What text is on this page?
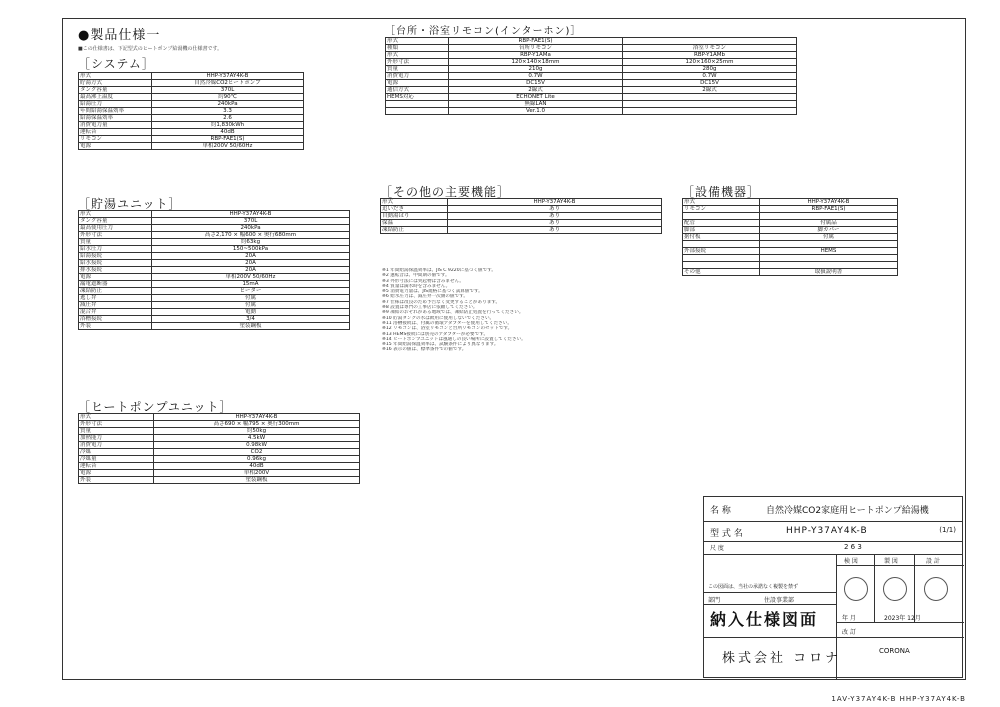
●製品仕様一
■この仕様書は、下記型式のヒートポンプ給湯機の仕様書です。
［システム］
形式	HHP-Y37AY4K-B
貯湯方式	自然冷媒CO2ヒートポンプ
タンク容量	370L
最高沸上温度	約90℃
給湯圧力	240kPa
年間給湯保温効率	3.3
給湯保温効率	2.6
消費電力量	約1,830kWh
運転音	40dB
リモコン	RBP-FAE1(S)
電源	単相200V 50/60Hz
［貯湯ユニット］
形式	HHP-Y37AY4K-B
タンク容量	370L
最高使用圧力	240kPa
外形寸法	高さ2,170 × 幅600 × 奥行680mm
質量	約63kg
給水圧力	150~500kPa
給湯接続	20A
給水接続	20A
排水接続	20A
電源	単相200V 50/60Hz
漏電遮断器	15mA
凍結防止	ヒーター
逃し弁	付属
減圧弁	付属
混合弁	電動
浴槽接続	3/4
外装	塗装鋼板
［ヒートポンプユニット］
形式	HHP-Y37AY4K-B
外形寸法	高さ690 × 幅795 × 奥行300mm
質量	約50kg
加熱能力	4.5kW
消費電力	0.98kW
冷媒	CO2
冷媒量	0.96kg
運転音	40dB
電源	単相200V
外装	塗装鋼板
［台所・浴室リモコン(インターホン)］
形式	RBP-FAE1(S)	
種類	台所リモコン	浴室リモコン
形式	RBP-Y1AMa	RBP-Y1AMb
外形寸法	120×140×18mm	120×160×25mm
質量	210g	280g
消費電力	0.7W	0.7W
電源	DC15V	DC15V
通信方式	2線式	2線式
HEMS対応	ECHONET Lite	
	無線LAN	
	Ver.1.0	
［その他の主要機能］
形式	HHP-Y37AY4K-B
追いだき	あり
自動湯はり	あり
保温	あり
凍結防止	あり
［設備機器］
形式	HHP-Y37AY4K-B
リモコン	RBP-FAE1(S)

配管	付属品
脚部	脚カバー
据付板	付属

外部接続	HEMS

その他	取扱説明書
※1 年間給湯保温効率は、JIS C 9220に基づく値です。
※2 運転音は、中間期の値です。
※3 外形寸法には突起物は含みません。
※4 質量は満水時を含みません。
※5 消費電力量は、JIS規格に基づく試算値です。
※6 給水圧力は、減圧弁一次側の値です。
※7 仕様は改良のため予告なく変更することがあります。
※8 設置は専門の工事店に依頼してください。
※9 凍結のおそれがある地域では、凍結防止処置を行ってください。
※10 貯湯タンクの水は飲用に使用しないでください。
※11 浴槽接続は、付属の循環アダプターを使用してください。
※12 リモコンは、浴室リモコンと台所リモコンのセットです。
※13 HEMS接続には別売のアダプターが必要です。
※14 ヒートポンプユニットは風通しの良い場所に設置してください。
※15 年間給湯保温効率は、試験条件により異なります。
※16 表示の値は、標準条件での値です。
名 称	自然冷媒CO2家庭用ヒートポンプ給湯機
型 式 名	HHP-Y37AY4K-B	(1/1)
尺 度	2 6 3
検 図	製 図	設 計
この図面は、当社の承諾なく複製を禁ず
部門	住設事業部
納入仕様図面	年 月	2023年 12月
改 訂
株式会社 コロナ	CORONA
1AV-Y37AY4K-B HHP-Y37AY4K-B
